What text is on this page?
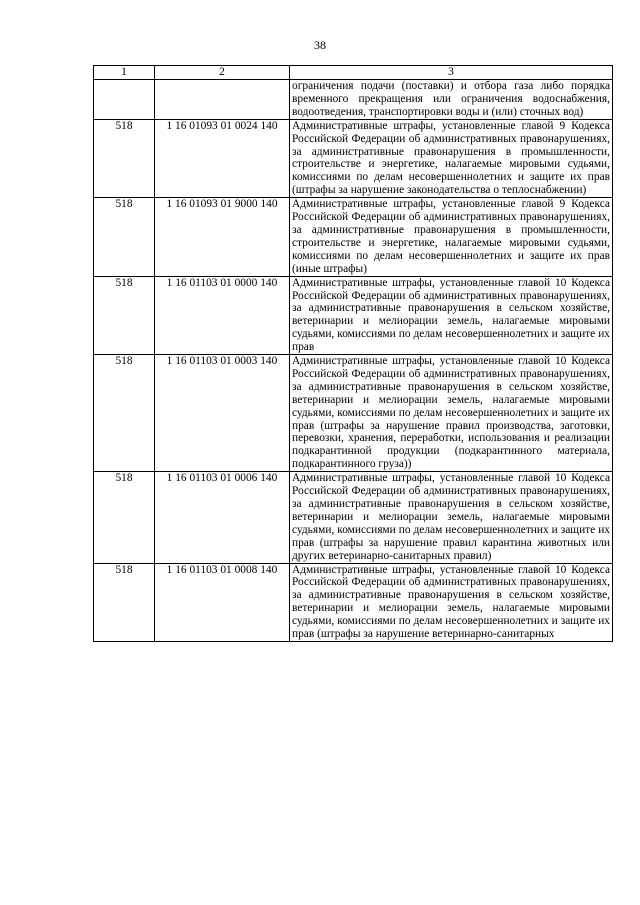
38
1	2	3
		ограничения подачи (поставки) и отбора газа либо порядка временного прекращения или ограничения водоснабжения, водоотведения, транспортировки воды и (или) сточных вод)
518	1 16 01093 01 0024 140	Административные штрафы, установленные главой 9 Кодекса Российской Федерации об административных правонарушениях, за административные правонарушения в промышленности, строительстве и энергетике, налагаемые мировыми судьями, комиссиями по делам несовершеннолетних и защите их прав (штрафы за нарушение законодательства о теплоснабжении)
518	1 16 01093 01 9000 140	Административные штрафы, установленные главой 9 Кодекса Российской Федерации об административных правонарушениях, за административные правонарушения в промышленности, строительстве и энергетике, налагаемые мировыми судьями, комиссиями по делам несовершеннолетних и защите их прав (иные штрафы)
518	1 16 01103 01 0000 140	Административные штрафы, установленные главой 10 Кодекса Российской Федерации об административных правонарушениях, за административные правонарушения в сельском хозяйстве, ветеринарии и мелиорации земель, налагаемые мировыми судьями, комиссиями по делам несовершеннолетних и защите их прав
518	1 16 01103 01 0003 140	Административные штрафы, установленные главой 10 Кодекса Российской Федерации об административных правонарушениях, за административные правонарушения в сельском хозяйстве, ветеринарии и мелиорации земель, налагаемые мировыми судьями, комиссиями по делам несовершеннолетних и защите их прав (штрафы за нарушение правил производства, заготовки, перевозки, хранения, переработки, использования и реализации подкарантинной продукции (подкарантинного материала, подкарантинного груза))
518	1 16 01103 01 0006 140	Административные штрафы, установленные главой 10 Кодекса Российской Федерации об административных правонарушениях, за административные правонарушения в сельском хозяйстве, ветеринарии и мелиорации земель, налагаемые мировыми судьями, комиссиями по делам несовершеннолетних и защите их прав (штрафы за нарушение правил карантина животных или других ветеринарно-санитарных правил)
518	1 16 01103 01 0008 140	Административные штрафы, установленные главой 10 Кодекса Российской Федерации об административных правонарушениях, за административные правонарушения в сельском хозяйстве, ветеринарии и мелиорации земель, налагаемые мировыми судьями, комиссиями по делам несовершеннолетних и защите их прав (штрафы за нарушение ветеринарно-санитарных
